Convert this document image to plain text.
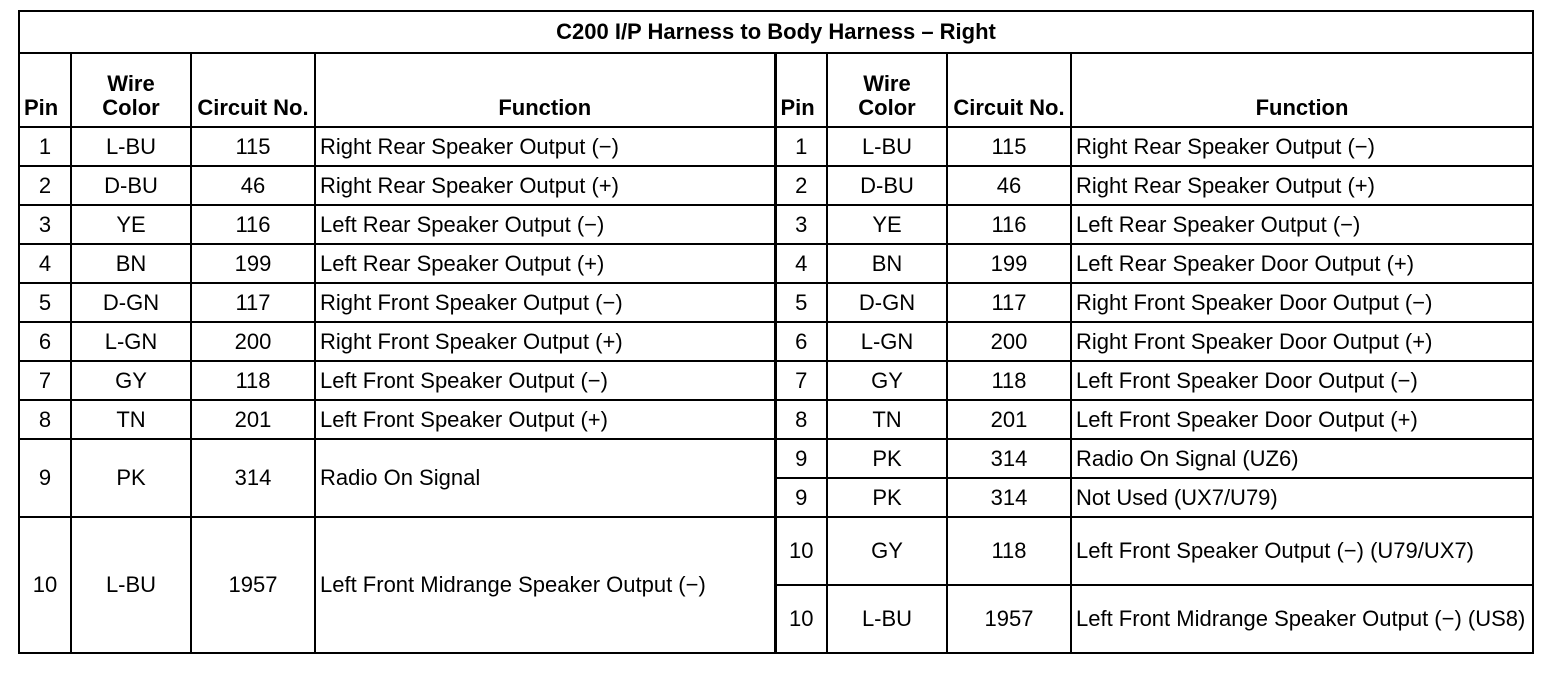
C200 I/P Harness to Body Harness – Right							
Pin	Wire Color	Circuit No.	Function	Pin	Wire Color	Circuit No.	Function
1	L-BU	115	Right Rear Speaker Output (−)	1	L-BU	115	Right Rear Speaker Output (−)
2	D-BU	46	Right Rear Speaker Output (+)	2	D-BU	46	Right Rear Speaker Output (+)
3	YE	116	Left Rear Speaker Output (−)	3	YE	116	Left Rear Speaker Output (−)
4	BN	199	Left Rear Speaker Output (+)	4	BN	199	Left Rear Speaker Door Output (+)
5	D-GN	117	Right Front Speaker Output (−)	5	D-GN	117	Right Front Speaker Door Output (−)
6	L-GN	200	Right Front Speaker Output (+)	6	L-GN	200	Right Front Speaker Door Output (+)
7	GY	118	Left Front Speaker Output (−)	7	GY	118	Left Front Speaker Door Output (−)
8	TN	201	Left Front Speaker Output (+)	8	TN	201	Left Front Speaker Door Output (+)
9	PK	314	Radio On Signal	9	PK	314	Radio On Signal (UZ6)
				9	PK	314	Not Used (UX7/U79)
10	L-BU	1957	Left Front Midrange Speaker Output (−)	10	GY	118	Left Front Speaker Output (−) (U79/UX7)
				10	L-BU	1957	Left Front Midrange Speaker Output (−) (US8)
